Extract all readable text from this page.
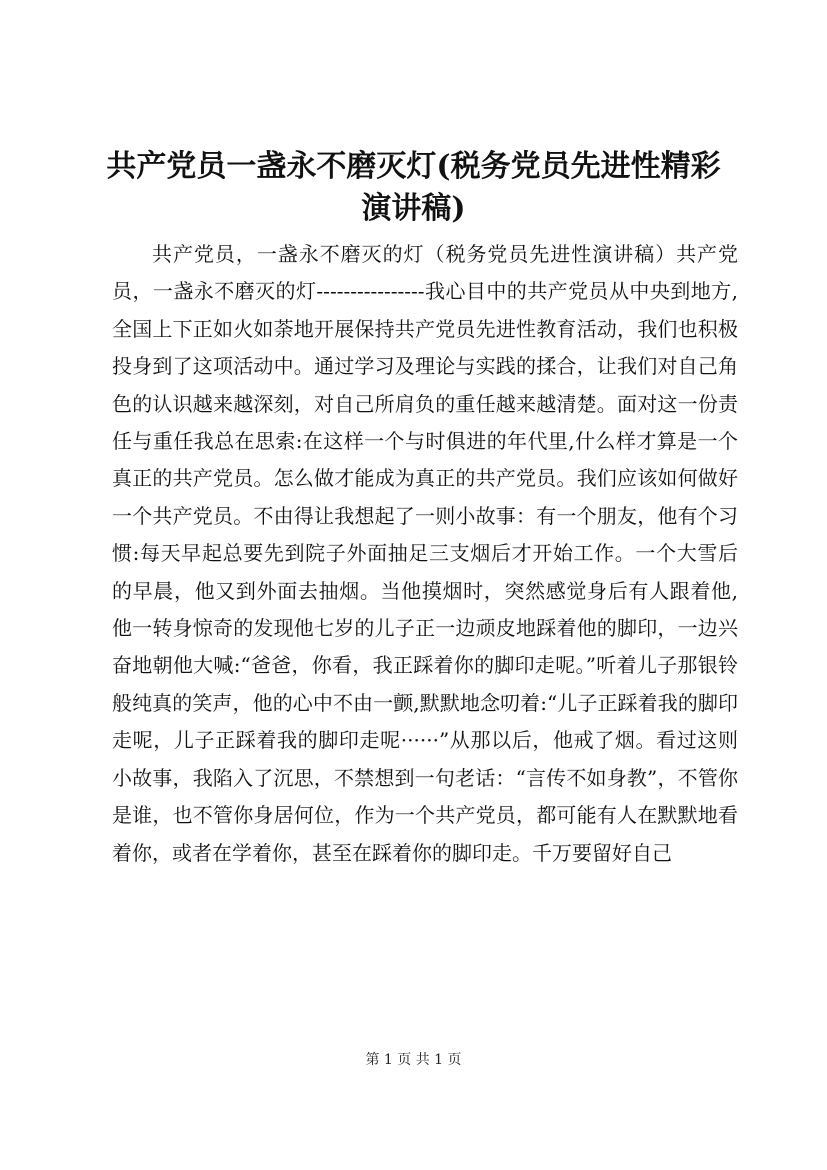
共产党员一盏永不磨灭灯(税务党员先进性精彩演讲稿)

共产党员，一盏永不磨灭的灯（税务党员先进性演讲稿）共产党员，一盏永不磨灭的灯----------------我心目中的共产党员从中央到地方,全国上下正如火如荼地开展保持共产党员先进性教育活动，我们也积极投身到了这项活动中。通过学习及理论与实践的揉合，让我们对自己角色的认识越来越深刻，对自己所肩负的重任越来越清楚。面对这一份责任与重任我总在思索:在这样一个与时俱进的年代里,什么样才算是一个真正的共产党员。怎么做才能成为真正的共产党员。我们应该如何做好一个共产党员。不由得让我想起了一则小故事：有一个朋友，他有个习惯:每天早起总要先到院子外面抽足三支烟后才开始工作。一个大雪后的早晨，他又到外面去抽烟。当他摸烟时，突然感觉身后有人跟着他,他一转身惊奇的发现他七岁的儿子正一边顽皮地踩着他的脚印，一边兴奋地朝他大喊:“爸爸，你看，我正踩着你的脚印走呢。”听着儿子那银铃般纯真的笑声，他的心中不由一颤,默默地念叨着:“儿子正踩着我的脚印走呢，儿子正踩着我的脚印走呢······”从那以后，他戒了烟。看过这则小故事，我陷入了沉思，不禁想到一句老话：“言传不如身教”，不管你是谁，也不管你身居何位，作为一个共产党员，都可能有人在默默地看着你，或者在学着你，甚至在踩着你的脚印走。千万要留好自己

第 1 页 共 1 页
